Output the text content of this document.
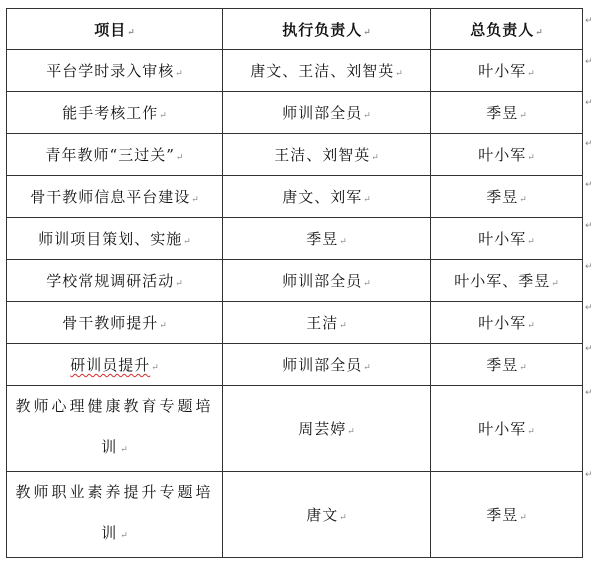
项目↵	执行负责人↵	总负责人↵
平台学时录入审核↵	唐文、王洁、刘智英↵	叶小军↵
能手考核工作↵	师训部全员↵	季昱↵
青年教师“三过关”↵	王洁、刘智英↵	叶小军↵
骨干教师信息平台建设↵	唐文、刘军↵	季昱↵
师训项目策划、实施↵	季昱↵	叶小军↵
学校常规调研活动↵	师训部全员↵	叶小军、季昱↵
骨干教师提升↵	王洁↵	叶小军↵
研训员提升↵	师训部全员↵	季昱↵
教师心理健康教育专题培训↵	周芸婷↵	叶小军↵
教师职业素养提升专题培训↵	唐文↵	季昱↵
↵
↵
↵
↵
↵
↵
↵
↵
↵
↵
↵
